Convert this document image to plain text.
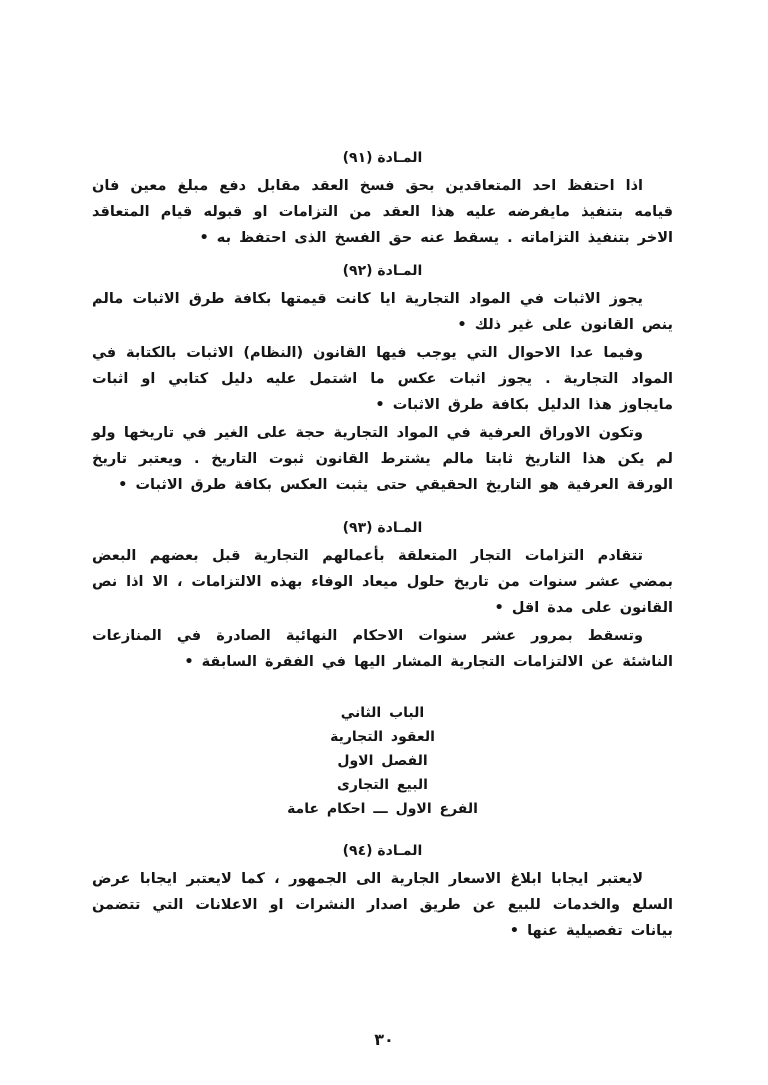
المـادة (٩١)

اذا احتفظ احد المتعاقدين بحق فسخ العقد مقابل دفع مبلغ معين فان قيامه بتنفيذ مايفرضه عليه هذا العقد من التزامات او قبوله قيام المتعاقد الاخر بتنفيذ التزاماته . يسقط عنه حق الفسخ الذى احتفظ به •

المـادة (٩٢)

يجوز الاثبات في المواد التجارية ايا كانت قيمتها بكافة طرق الاثبات مالم ينص القانون على غير ذلك •

وفيما عدا الاحوال التي يوجب فيها القانون (النظام) الاثبات بالكتابة في المواد التجارية . يجوز اثبات عكس ما اشتمل عليه دليل كتابي او اثبات مايجاوز هذا الدليل بكافة طرق الاثبات •

وتكون الاوراق العرفية في المواد التجارية حجة على الغير في تاريخها ولو لم يكن هذا التاريخ ثابتا مالم يشترط القانون ثبوت التاريخ . ويعتبر تاريخ الورقة العرفية هو التاريخ الحقيقي حتى يثبت العكس بكافة طرق الاثبات •

المـادة (٩٣)

تتقادم التزامات التجار المتعلقة بأعمالهم التجارية قبل بعضهم البعض بمضي عشر سنوات من تاريخ حلول ميعاد الوفاء بهذه الالتزامات ، الا اذا نص القانون على مدة اقل •

وتسقط بمرور عشر سنوات الاحكام النهائية الصادرة في المنازعات الناشئة عن الالتزامات التجارية المشار اليها في الفقرة السابقة •

الباب الثاني
العقود التجارية
الفصل الاول
البيع التجارى
الفرع الاول ـــ احكام عامة
المـادة (٩٤)

لايعتبر ايجابا ابلاغ الاسعار الجارية الى الجمهور ، كما لايعتبر ايجابا عرض السلع والخدمات للبيع عن طريق اصدار النشرات او الاعلانات التي تتضمن بيانات تفصيلية عنها •

٣٠
